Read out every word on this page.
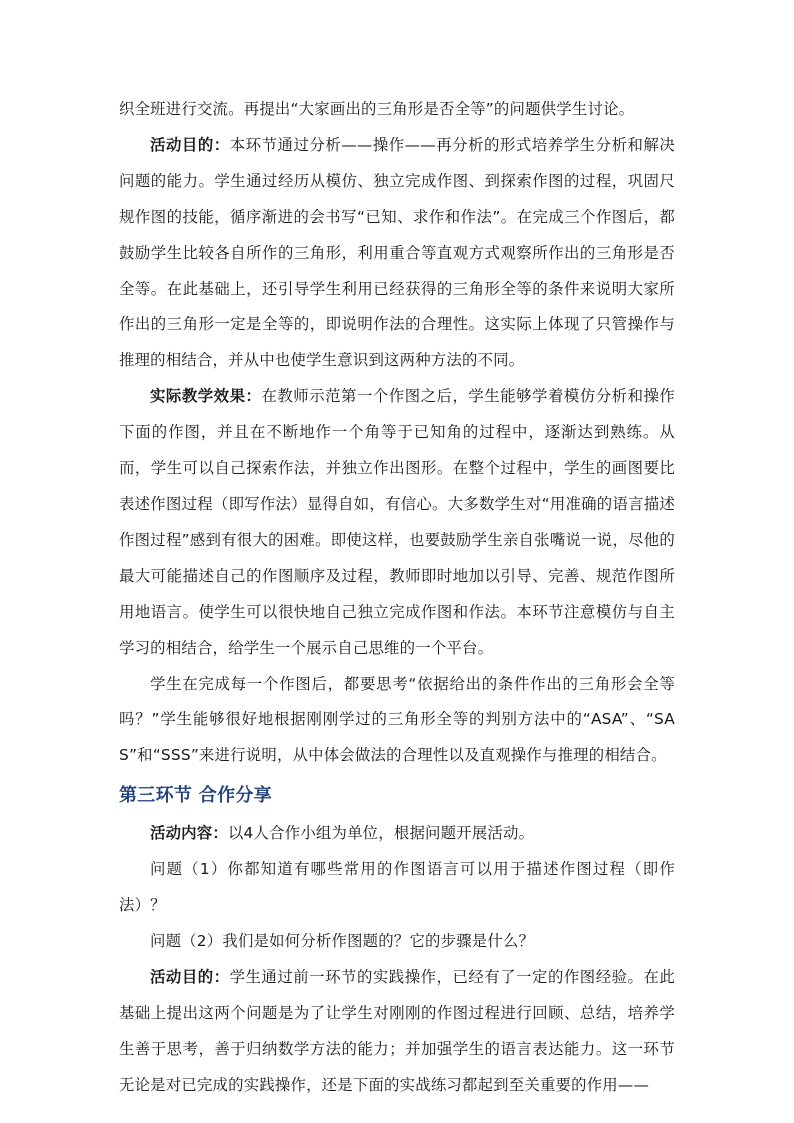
织全班进行交流。再提出“大家画出的三角形是否全等”的问题供学生讨论。

活动目的：本环节通过分析——操作——再分析的形式培养学生分析和解决问题的能力。学生通过经历从模仿、独立完成作图、到探索作图的过程，巩固尺规作图的技能，循序渐进的会书写“已知、求作和作法”。在完成三个作图后，都鼓励学生比较各自所作的三角形，利用重合等直观方式观察所作出的三角形是否全等。在此基础上，还引导学生利用已经获得的三角形全等的条件来说明大家所作出的三角形一定是全等的，即说明作法的合理性。这实际上体现了只管操作与推理的相结合，并从中也使学生意识到这两种方法的不同。

实际教学效果：在教师示范第一个作图之后，学生能够学着模仿分析和操作下面的作图，并且在不断地作一个角等于已知角的过程中，逐渐达到熟练。从而，学生可以自己探索作法，并独立作出图形。在整个过程中，学生的画图要比表述作图过程（即写作法）显得自如，有信心。大多数学生对“用准确的语言描述作图过程”感到有很大的困难。即使这样，也要鼓励学生亲自张嘴说一说，尽他的最大可能描述自己的作图顺序及过程，教师即时地加以引导、完善、规范作图所用地语言。使学生可以很快地自己独立完成作图和作法。本环节注意模仿与自主学习的相结合，给学生一个展示自己思维的一个平台。

学生在完成每一个作图后，都要思考“依据给出的条件作出的三角形会全等吗？”学生能够很好地根据刚刚学过的三角形全等的判别方法中的“ASA”、“SAS”和“SSS”来进行说明，从中体会做法的合理性以及直观操作与推理的相结合。

第三环节 合作分享

活动内容：以4人合作小组为单位，根据问题开展活动。

问题（1）你都知道有哪些常用的作图语言可以用于描述作图过程（即作法）？

问题（2）我们是如何分析作图题的？它的步骤是什么？

活动目的：学生通过前一环节的实践操作，已经有了一定的作图经验。在此基础上提出这两个问题是为了让学生对刚刚的作图过程进行回顾、总结，培养学生善于思考，善于归纳数学方法的能力；并加强学生的语言表达能力。这一环节无论是对已完成的实践操作，还是下面的实战练习都起到至关重要的作用——
